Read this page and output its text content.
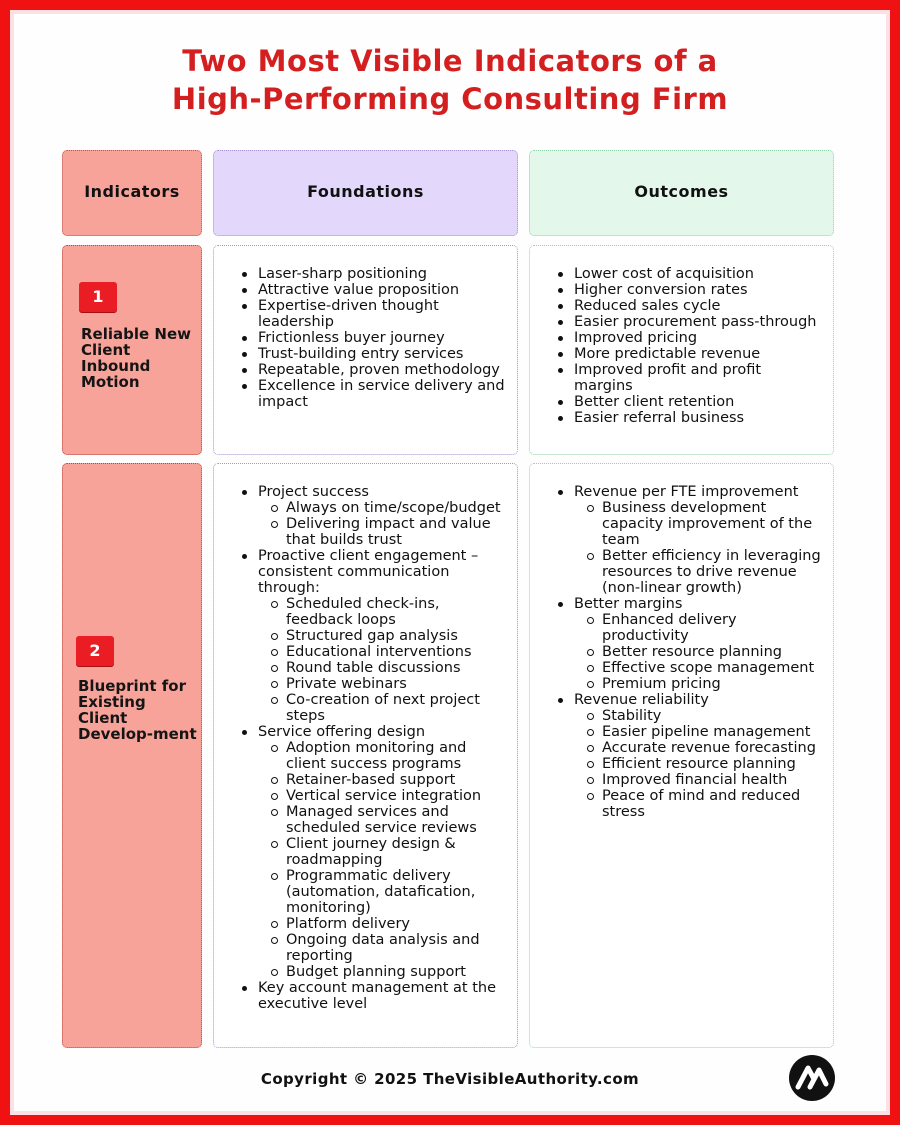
Two Most Visible Indicators of a
High-Performing Consulting Firm
Indicators	Foundations	Outcomes
1
Reliable New Client Inbound Motion
Laser-sharp positioning
Attractive value proposition
Expertise-driven thought leadership
Frictionless buyer journey
Trust-building entry services
Repeatable, proven methodology
Excellence in service delivery and impact
Lower cost of acquisition
Higher conversion rates
Reduced sales cycle
Easier procurement pass-through
Improved pricing
More predictable revenue
Improved profit and profit margins
Better client retention
Easier referral business
2
Blueprint for Existing Client Develop-ment
Project success
Always on time/scope/budget
Delivering impact and value that builds trust
Proactive client engagement – consistent communication through:
Scheduled check-ins, feedback loops
Structured gap analysis
Educational interventions
Round table discussions
Private webinars
Co-creation of next project steps
Service offering design
Adoption monitoring and client success programs
Retainer-based support
Vertical service integration
Managed services and scheduled service reviews
Client journey design & roadmapping
Programmatic delivery (automation, datafication, monitoring)
Platform delivery
Ongoing data analysis and reporting
Budget planning support
Key account management at the executive level
Revenue per FTE improvement
Business development capacity improvement of the team
Better efficiency in leveraging resources to drive revenue (non-linear growth)
Better margins
Enhanced delivery productivity
Better resource planning
Effective scope management
Premium pricing
Revenue reliability
Stability
Easier pipeline management
Accurate revenue forecasting
Efficient resource planning
Improved financial health
Peace of mind and reduced stress
Copyright © 2025 TheVisibleAuthority.com
